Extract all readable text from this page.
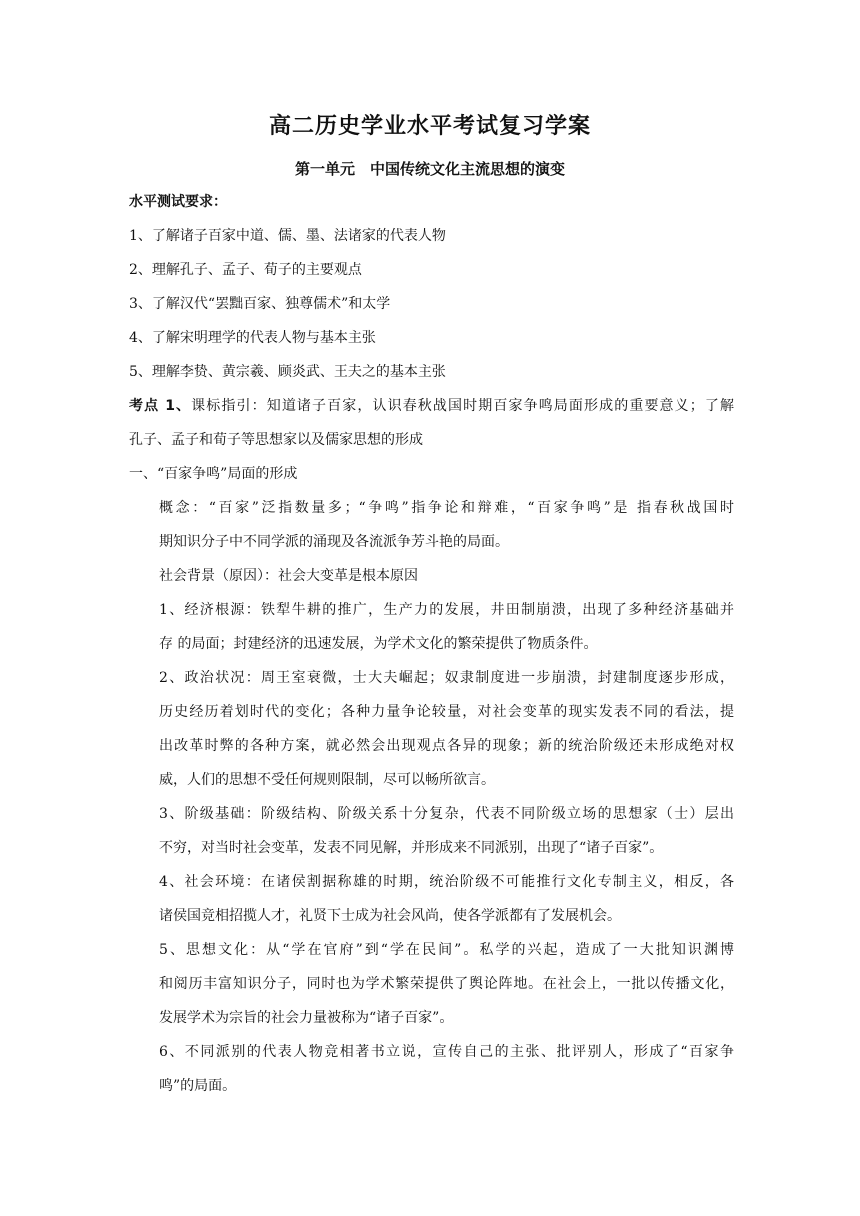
高二历史学业水平考试复习学案
第一单元　中国传统文化主流思想的演变

水平测试要求：

1、了解诸子百家中道、儒、墨、法诸家的代表人物

2、理解孔子、孟子、荀子的主要观点

3、了解汉代“罢黜百家、独尊儒术”和太学

4、了解宋明理学的代表人物与基本主张

5、理解李贽、黄宗羲、顾炎武、王夫之的基本主张

考点 1、课标指引：知道诸子百家，认识春秋战国时期百家争鸣局面形成的重要意义；了解

孔子、孟子和荀子等思想家以及儒家思想的形成

一、“百家争鸣”局面的形成

概念：“百家”泛指数量多；“争鸣”指争论和辩难，“百家争鸣”是 指春秋战国时

期知识分子中不同学派的涌现及各流派争芳斗艳的局面。

社会背景（原因）：社会大变革是根本原因

1、经济根源：铁犁牛耕的推广，生产力的发展，井田制崩溃，出现了多种经济基础并

存 的局面；封建经济的迅速发展，为学术文化的繁荣提供了物质条件。

2、政治状况：周王室衰微，士大夫崛起；奴隶制度进一步崩溃，封建制度逐步形成，

历史经历着划时代的变化；各种力量争论较量，对社会变革的现实发表不同的看法，提

出改革时弊的各种方案，就必然会出现观点各异的现象；新的统治阶级还未形成绝对权

威，人们的思想不受任何规则限制，尽可以畅所欲言。

3、阶级基础：阶级结构、阶级关系十分复杂，代表不同阶级立场的思想家（士）层出

不穷，对当时社会变革，发表不同见解，并形成来不同派别，出现了“诸子百家”。

4、社会环境：在诸侯割据称雄的时期，统治阶级不可能推行文化专制主义，相反，各

诸侯国竞相招揽人才，礼贤下士成为社会风尚，使各学派都有了发展机会。

5、思想文化：从“学在官府”到“学在民间”。私学的兴起，造成了一大批知识渊博

和阅历丰富知识分子，同时也为学术繁荣提供了舆论阵地。在社会上，一批以传播文化，

发展学术为宗旨的社会力量被称为“诸子百家”。

6、不同派别的代表人物竞相著书立说，宣传自己的主张、批评别人，形成了“百家争

鸣”的局面。
